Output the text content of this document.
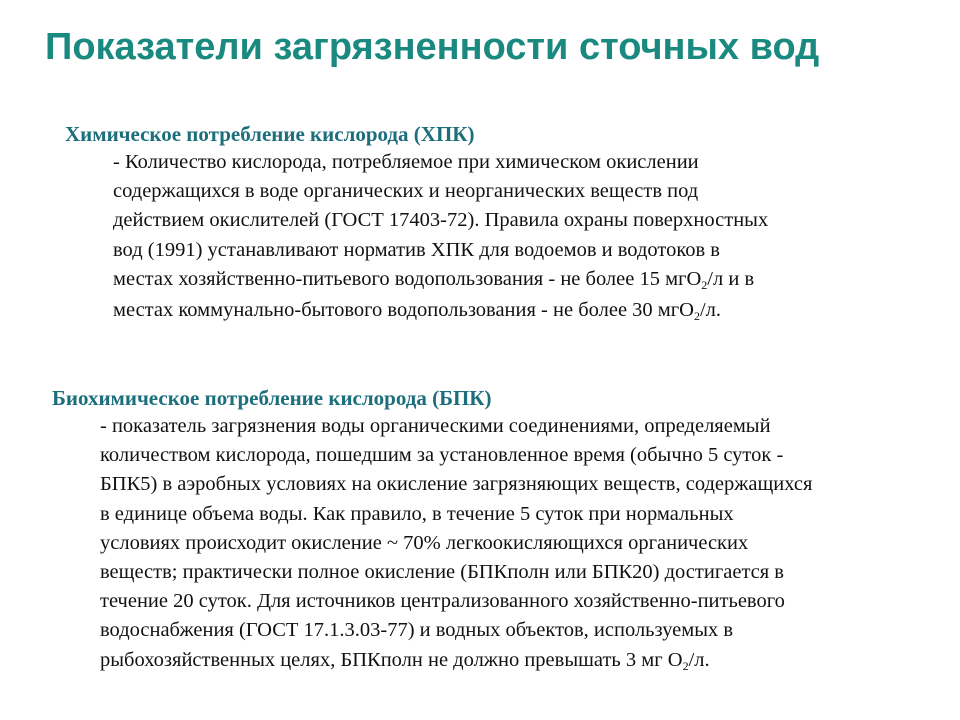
Показатели загрязненности сточных вод
Химическое потребление кислорода (ХПК)
- Количество кислорода, потребляемое при химическом окислении
содержащихся в воде органических и неорганических веществ под
действием окислителей (ГОСТ 17403-72). Правила охраны поверхностных
вод (1991) устанавливают норматив ХПК для водоемов и водотоков в
местах хозяйственно-питьевого водопользования - не более 15 мгО$_2$/л и в
местах коммунально-бытового водопользования - не более 30 мгО$_2$/л.
Биохимическое потребление кислорода (БПК)
- показатель загрязнения воды органическими соединениями, определяемый
количеством кислорода, пошедшим за установленное время (обычно 5 суток -
БПК5) в аэробных условиях на окисление загрязняющих веществ, содержащихся
в единице объема воды. Как правило, в течение 5 суток при нормальных
условиях происходит окисление ~ 70% легкоокисляющихся органических
веществ; практически полное окисление (БПКполн или БПК20) достигается в
течение 20 суток. Для источников централизованного хозяйственно-питьевого
водоснабжения (ГОСТ 17.1.3.03-77) и водных объектов, используемых в
рыбохозяйственных целях, БПКполн не должно превышать 3 мг $O_2/л$.
